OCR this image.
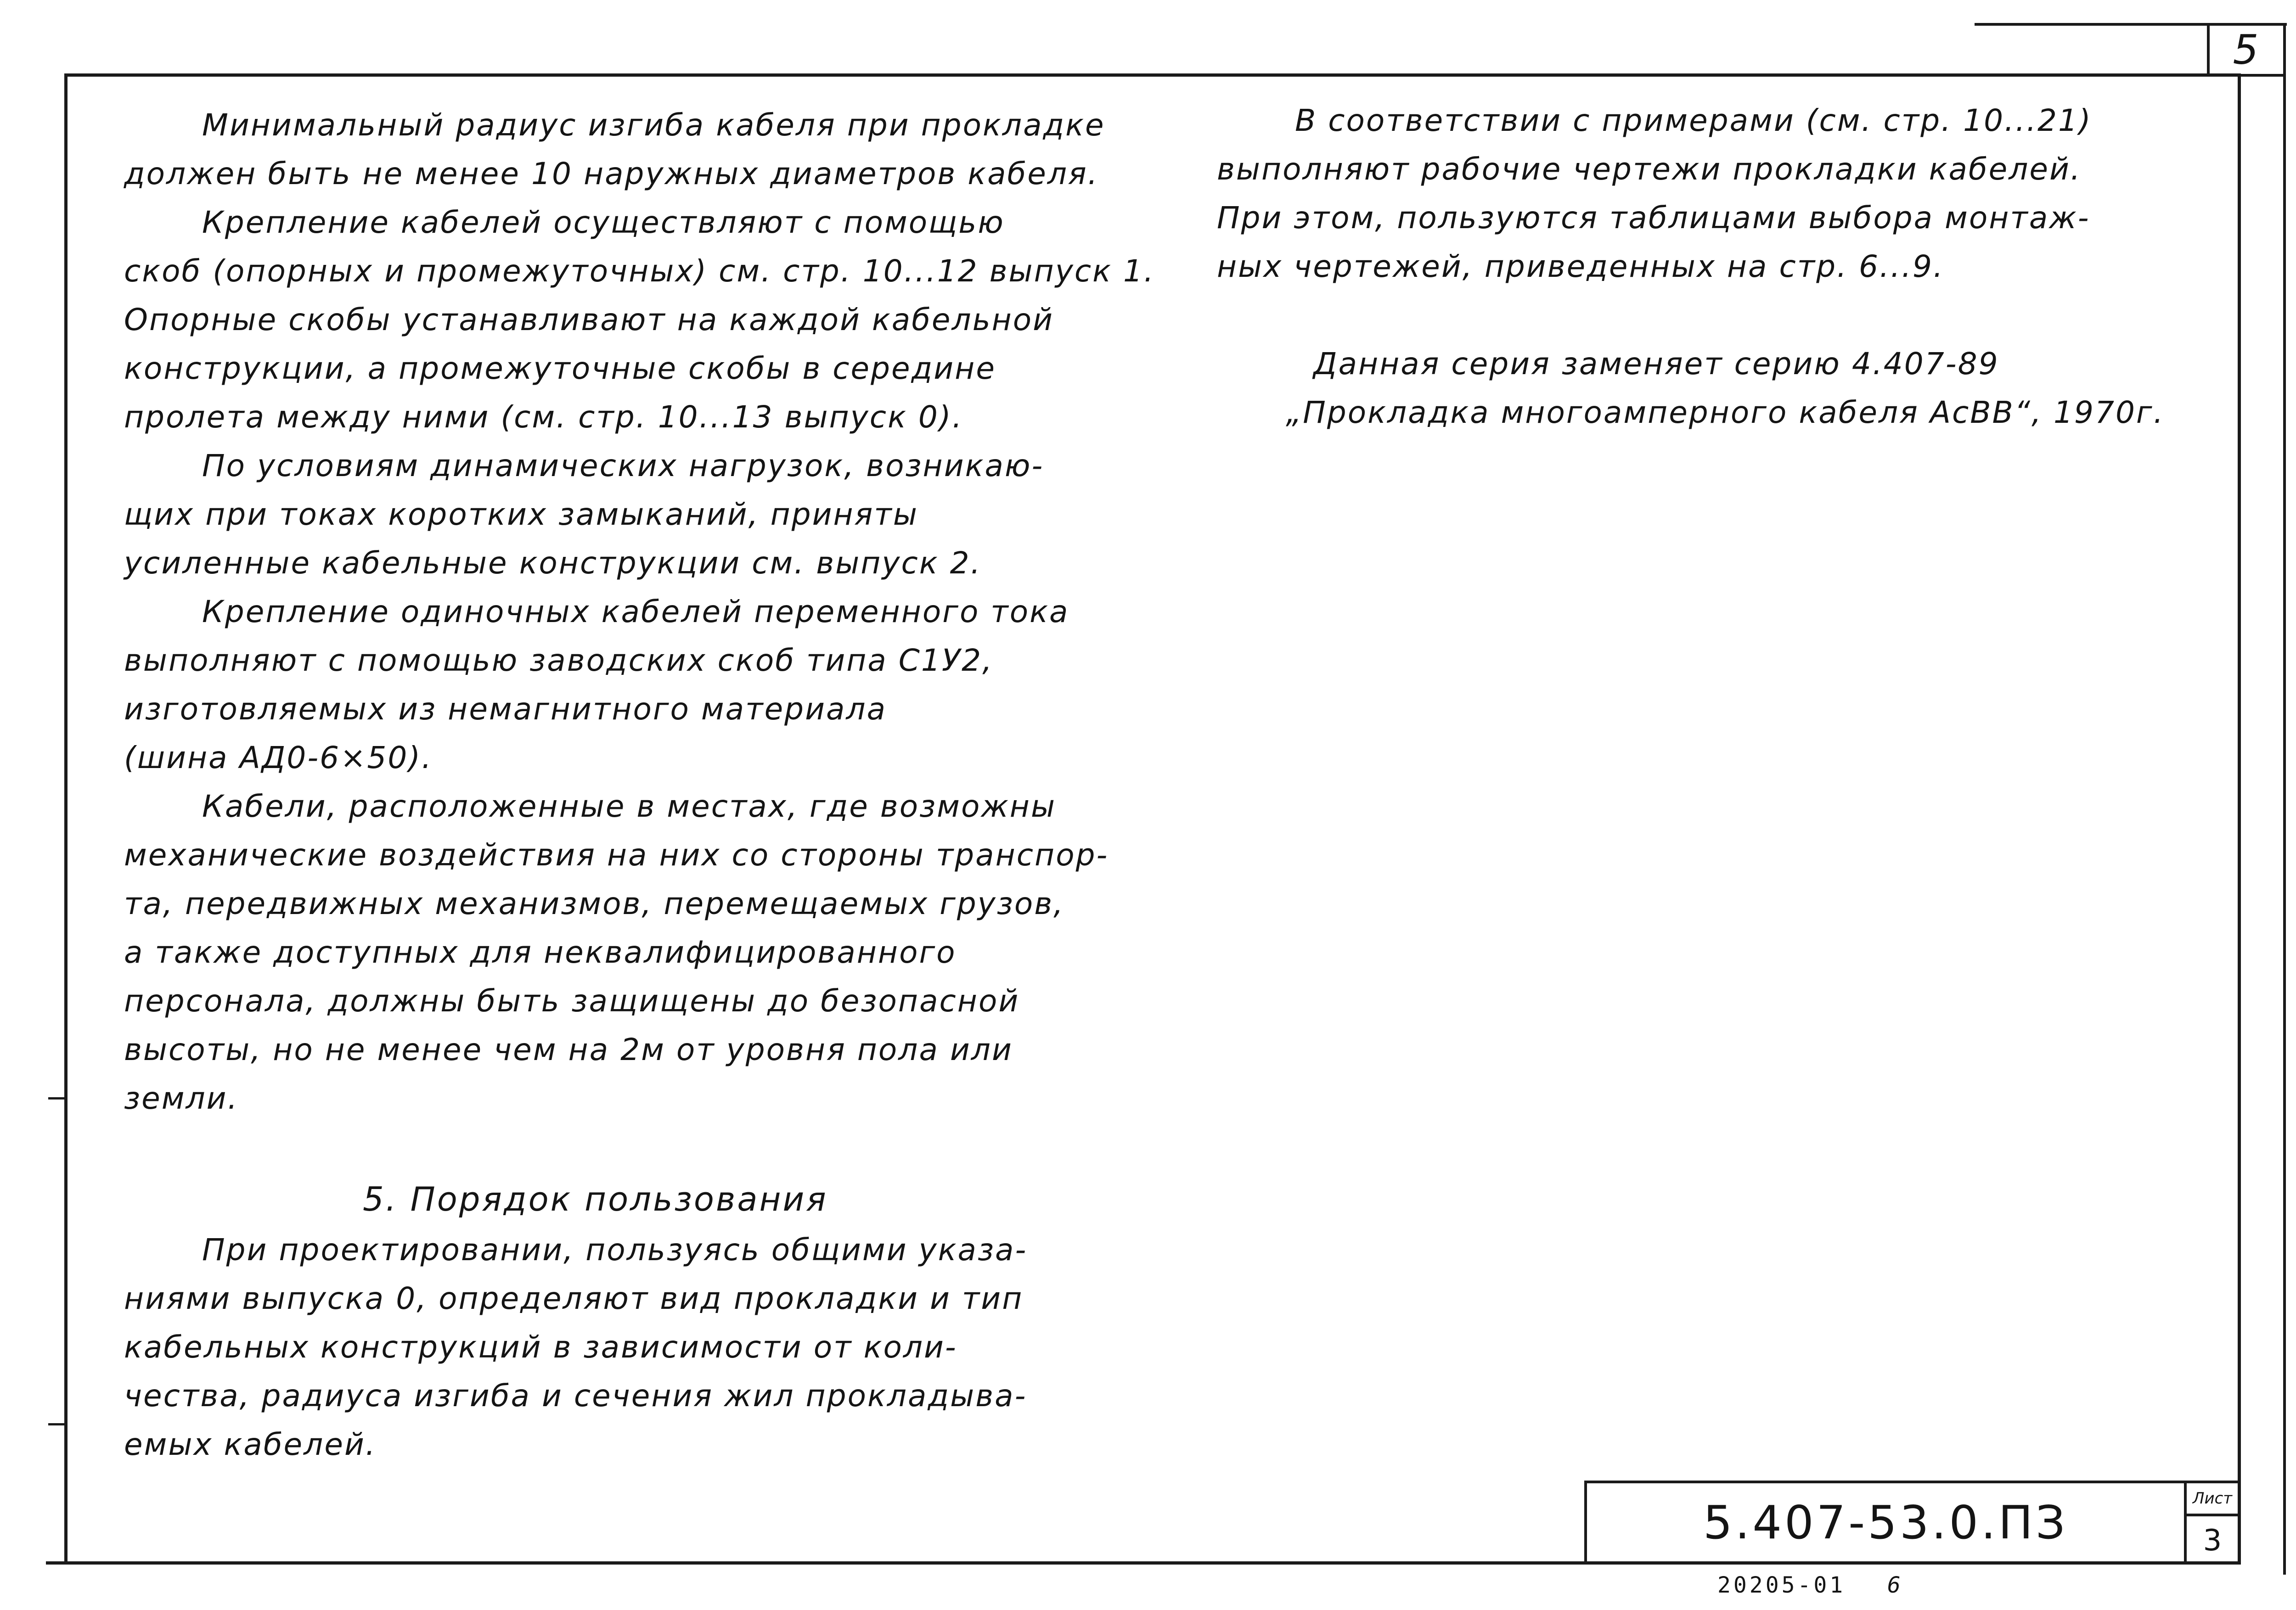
5

Минимальный радиус изгиба кабеля при прокладке

должен быть не менее 10 наружных диаметров кабеля.

Крепление кабелей осуществляют с помощью

скоб (опорных и промежуточных) см. стр. 10...12 выпуск 1.

Опорные скобы устанавливают на каждой кабельной

конструкции, а промежуточные скобы в середине

пролета между ними (см. стр. 10...13 выпуск 0).

По условиям динамических нагрузок, возникаю-

щих при токах коротких замыканий, приняты

усиленные кабельные конструкции см. выпуск 2.

Крепление одиночных кабелей переменного тока

выполняют с помощью заводских скоб типа С1У2,

изготовляемых из немагнитного материала

(шина АД0-6×50).

Кабели, расположенные в местах, где возможны

механические воздействия на них со стороны транспор-

та, передвижных механизмов, перемещаемых грузов,

а также доступных для неквалифицированного

персонала, должны быть защищены до безопасной

высоты, но не менее чем на 2м от уровня пола или

земли.

5. Порядок пользования

При проектировании, пользуясь общими указа-

ниями выпуска 0, определяют вид прокладки и тип

кабельных конструкций в зависимости от коли-

чества, радиуса изгиба и сечения жил прокладыва-

емых кабелей.

В соответствии с примерами (см. стр. 10...21)

выполняют рабочие чертежи прокладки кабелей.

При этом, пользуются таблицами выбора монтаж-

ных чертежей, приведенных на стр. 6...9.

Данная серия заменяет серию 4.407-89

„Прокладка многоамперного кабеля АсВВ“, 1970г.

5.407-53.0.ПЗ	Лист
3
20205-01 6
